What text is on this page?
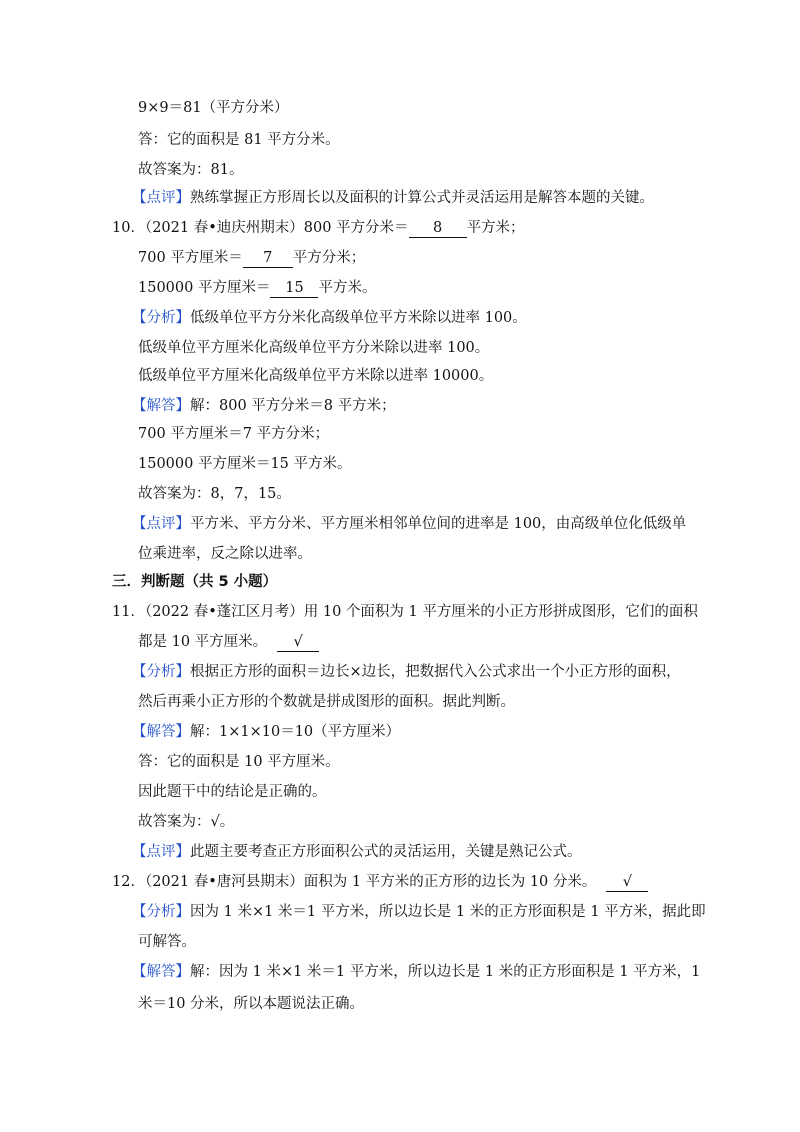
9×9＝81（平方分米）
答：它的面积是 81 平方分米。
故答案为：81。
【点评】熟练掌握正方形周长以及面积的计算公式并灵活运用是解答本题的关键。
10．（2021 春•迪庆州期末）800 平方分米＝ 8 平方米；
700 平方厘米＝ 7 平方分米；
150000 平方厘米＝ 15 平方米。
【分析】低级单位平方分米化高级单位平方米除以进率 100。
低级单位平方厘米化高级单位平方分米除以进率 100。
低级单位平方厘米化高级单位平方米除以进率 10000。
【解答】解：800 平方分米＝8 平方米；
700 平方厘米＝7 平方分米；
150000 平方厘米＝15 平方米。
故答案为：8，7，15。
【点评】平方米、平方分米、平方厘米相邻单位间的进率是 100，由高级单位化低级单
位乘进率，反之除以进率。
三．判断题（共 5 小题）
11．（2022 春•蓬江区月考）用 10 个面积为 1 平方厘米的小正方形拼成图形，它们的面积
都是 10 平方厘米。 √
【分析】根据正方形的面积＝边长×边长，把数据代入公式求出一个小正方形的面积，
然后再乘小正方形的个数就是拼成图形的面积。据此判断。
【解答】解：1×1×10＝10（平方厘米）
答：它的面积是 10 平方厘米。
因此题干中的结论是正确的。
故答案为：√。
【点评】此题主要考查正方形面积公式的灵活运用，关键是熟记公式。
12．（2021 春•唐河县期末）面积为 1 平方米的正方形的边长为 10 分米。 √
【分析】因为 1 米×1 米＝1 平方米，所以边长是 1 米的正方形面积是 1 平方米，据此即
可解答。
【解答】解：因为 1 米×1 米＝1 平方米，所以边长是 1 米的正方形面积是 1 平方米，1
米＝10 分米，所以本题说法正确。
